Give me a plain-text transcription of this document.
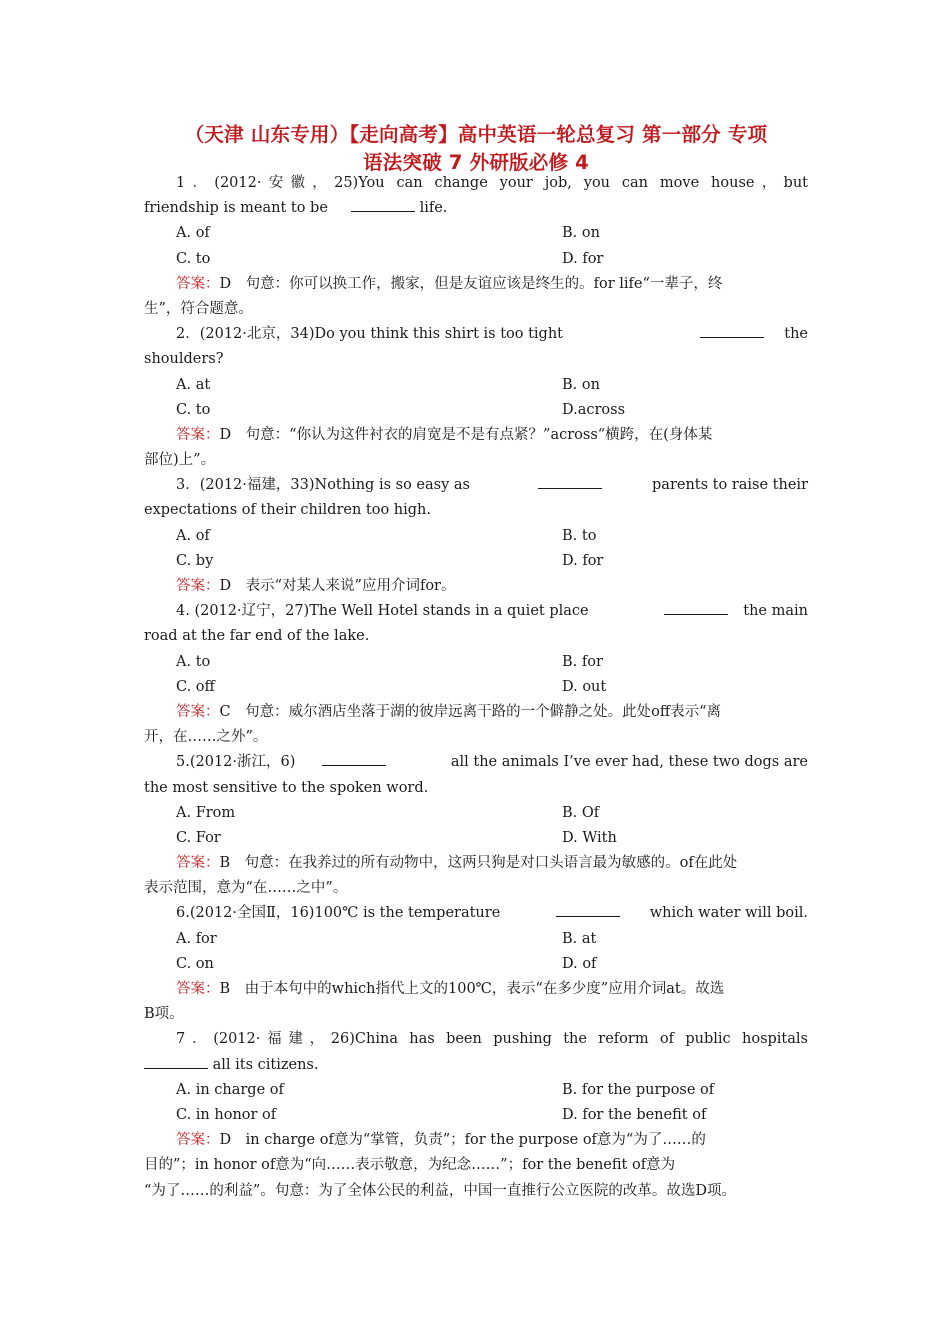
（天津 山东专用）【走向高考】高中英语一轮总复习 第一部分 专项
语法突破 7 外研版必修 4
1．(2012·安徽，25)You can change your job, you can move house，but
friendship is meant to be	life.
A. of	B. on
C. to	D. for
答案：D　句意：你可以换工作，搬家，但是友谊应该是终生的。for life“一辈子，终
生”，符合题意。
2．(2012·北京，34)Do you think this shirt is too tight	the
shoulders?
A. at	B. on
C. to	D.across
答案：D　句意：“你认为这件衬衣的肩宽是不是有点紧？”across“横跨，在(身体某
部位)上”。
3．(2012·福建，33)Nothing is so easy as	parents to raise their
expectations of their children too high.
A. of	B. to
C. by	D. for
答案：D　表示“对某人来说”应用介词for。
4. (2012·辽宁，27)The Well Hotel stands in a quiet place	the main
road at the far end of the lake.
A. to	B. for
C. off	D. out
答案：C　句意：威尔酒店坐落于湖的彼岸远离干路的一个僻静之处。此处off表示“离
开，在……之外”。
5.(2012·浙江，6)	all the animals I’ve ever had, these two dogs are
the most sensitive to the spoken word.
A. From	B. Of
C. For	D. With
答案：B　句意：在我养过的所有动物中，这两只狗是对口头语言最为敏感的。of在此处
表示范围，意为“在……之中”。
6.(2012·全国Ⅱ，16)100℃ is the temperature	which water will boil.
A. for	B. at
C. on	D. of
答案：B　由于本句中的which指代上文的100℃，表示“在多少度”应用介词at。故选
B项。
7．(2012·福建，26)China has been pushing the reform of public hospitals
all its citizens.
A. in charge of	B. for the purpose of
C. in honor of	D. for the benefit of
答案：D　in charge of意为“掌管，负责”；for the purpose of意为“为了……的
目的”；in honor of意为“向……表示敬意，为纪念……”；for the benefit of意为
“为了……的利益”。句意：为了全体公民的利益，中国一直推行公立医院的改革。故选D项。
